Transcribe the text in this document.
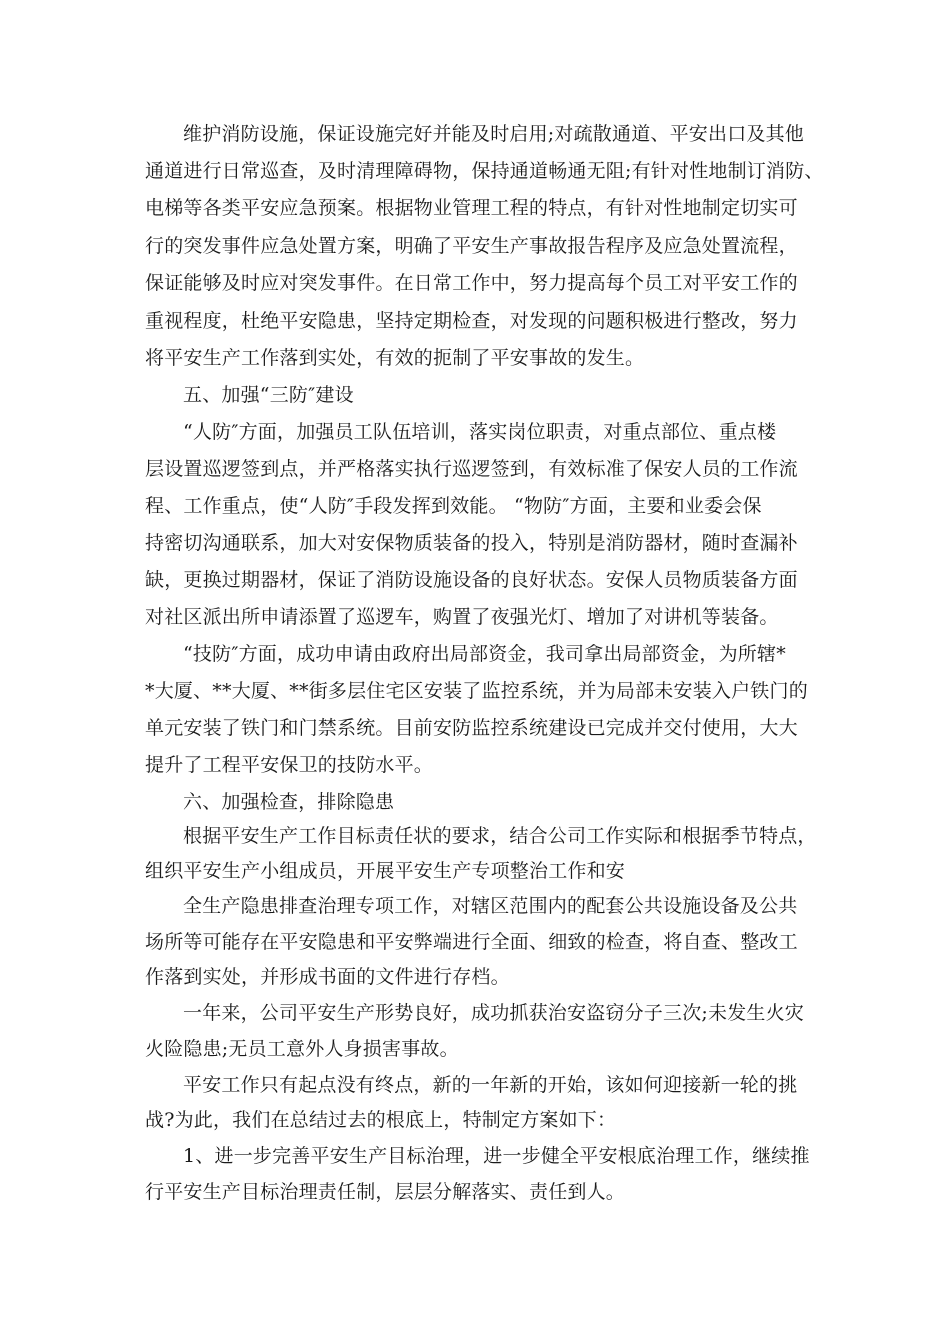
维护消防设施，保证设施完好并能及时启用;对疏散通道、平安出口及其他
通道进行日常巡查，及时清理障碍物，保持通道畅通无阻;有针对性地制订消防、
电梯等各类平安应急预案。根据物业管理工程的特点，有针对性地制定切实可
行的突发事件应急处置方案，明确了平安生产事故报告程序及应急处置流程，
保证能够及时应对突发事件。在日常工作中，努力提高每个员工对平安工作的
重视程度，杜绝平安隐患，坚持定期检查，对发现的问题积极进行整改，努力
将平安生产工作落到实处，有效的扼制了平安事故的发生。
五、加强“三防″建设
“人防″方面，加强员工队伍培训，落实岗位职责，对重点部位、重点楼
层设置巡逻签到点，并严格落实执行巡逻签到，有效标准了保安人员的工作流
程、工作重点，使“人防″手段发挥到效能。 “物防″方面，主要和业委会保
持密切沟通联系，加大对安保物质装备的投入，特别是消防器材，随时查漏补
缺，更换过期器材，保证了消防设施设备的良好状态。安保人员物质装备方面
对社区派出所申请添置了巡逻车，购置了夜强光灯、增加了对讲机等装备。
“技防″方面，成功申请由政府出局部资金，我司拿出局部资金，为所辖*
*大厦、**大厦、**街多层住宅区安装了监控系统，并为局部未安装入户铁门的
单元安装了铁门和门禁系统。目前安防监控系统建设已完成并交付使用，大大
提升了工程平安保卫的技防水平。
六、加强检查，排除隐患
根据平安生产工作目标责任状的要求，结合公司工作实际和根据季节特点，
组织平安生产小组成员，开展平安生产专项整治工作和安
全生产隐患排查治理专项工作，对辖区范围内的配套公共设施设备及公共
场所等可能存在平安隐患和平安弊端进行全面、细致的检查，将自查、整改工
作落到实处，并形成书面的文件进行存档。
一年来，公司平安生产形势良好，成功抓获治安盗窃分子三次;未发生火灾
火险隐患;无员工意外人身损害事故。
平安工作只有起点没有终点，新的一年新的开始，该如何迎接新一轮的挑
战?为此，我们在总结过去的根底上，特制定方案如下：
1、进一步完善平安生产目标治理，进一步健全平安根底治理工作，继续推
行平安生产目标治理责任制，层层分解落实、责任到人。
